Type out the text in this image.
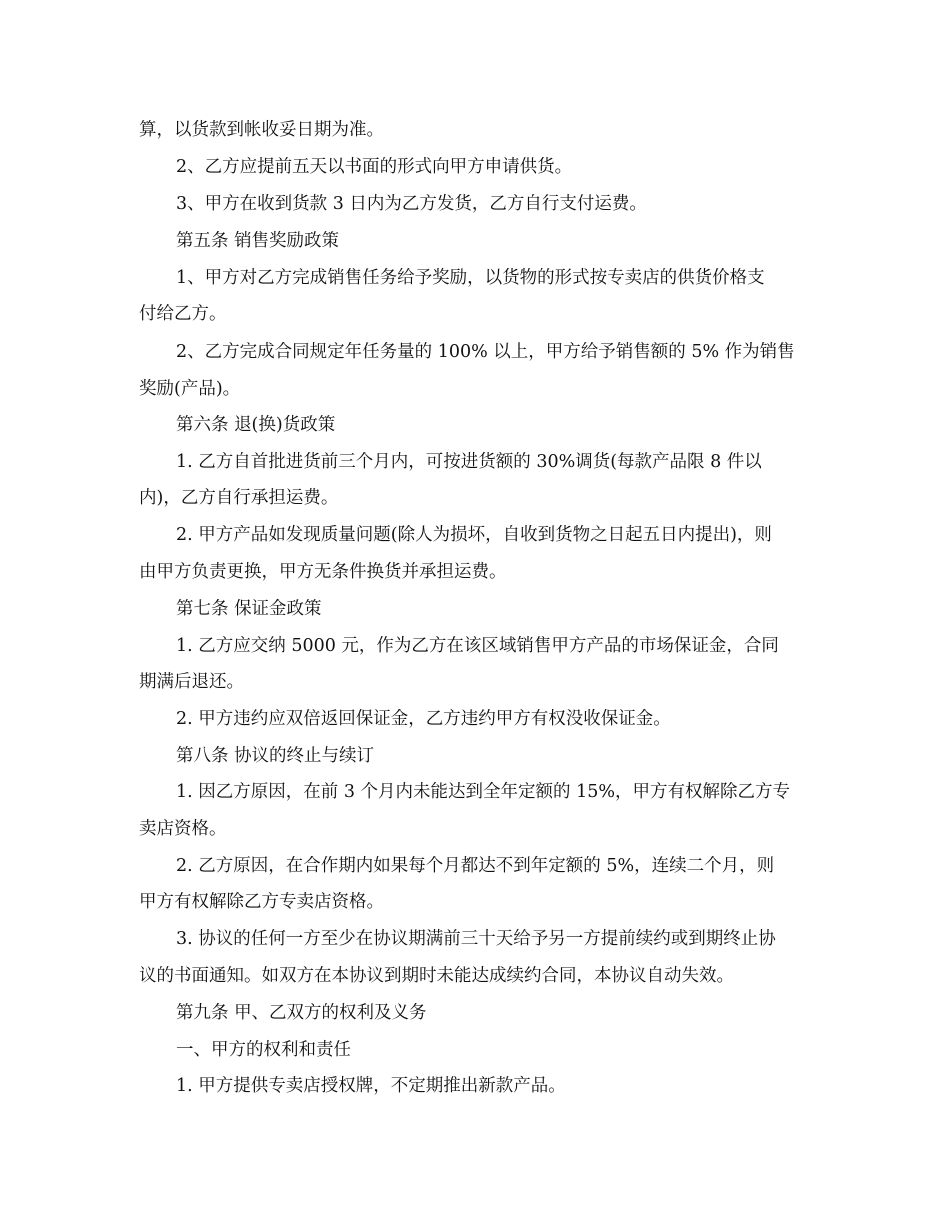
算，以货款到帐收妥日期为准。

2、乙方应提前五天以书面的形式向甲方申请供货。

3、甲方在收到货款 3 日内为乙方发货，乙方自行支付运费。

第五条 销售奖励政策

1、甲方对乙方完成销售任务给予奖励，以货物的形式按专卖店的供货价格支

付给乙方。

2、乙方完成合同规定年任务量的 100% 以上，甲方给予销售额的 5% 作为销售

奖励(产品)。

第六条 退(换)货政策

1. 乙方自首批进货前三个月内，可按进货额的 30%调货(每款产品限 8 件以

内)，乙方自行承担运费。

2. 甲方产品如发现质量问题(除人为损坏，自收到货物之日起五日内提出)，则

由甲方负责更换，甲方无条件换货并承担运费。

第七条 保证金政策

1. 乙方应交纳 5000 元，作为乙方在该区域销售甲方产品的市场保证金，合同

期满后退还。

2. 甲方违约应双倍返回保证金，乙方违约甲方有权没收保证金。

第八条 协议的终止与续订

1. 因乙方原因，在前 3 个月内未能达到全年定额的 15%，甲方有权解除乙方专

卖店资格。

2. 乙方原因，在合作期内如果每个月都达不到年定额的 5%，连续二个月，则

甲方有权解除乙方专卖店资格。

3. 协议的任何一方至少在协议期满前三十天给予另一方提前续约或到期终止协

议的书面通知。如双方在本协议到期时未能达成续约合同，本协议自动失效。

第九条 甲、乙双方的权利及义务

一、甲方的权利和责任

1. 甲方提供专卖店授权牌，不定期推出新款产品。
